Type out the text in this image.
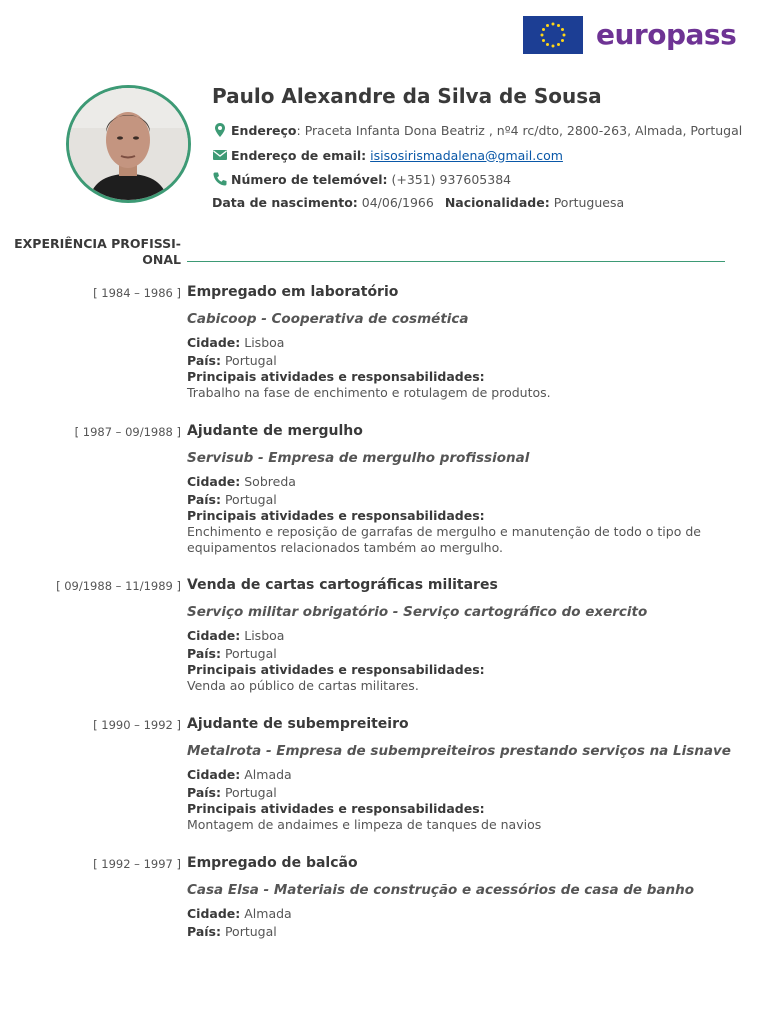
europass
Paulo Alexandre da Silva de Sousa
Endereço : Praceta Infanta Dona Beatriz , nº4 rc/dto, 2800-263, Almada, Portugal
Endereço de email:
isisosirismadalena@gmail.com
Número de telemóvel:
(+351) 937605384
Data de nascimento:
04/06/1966 Nacionalidade:
Portuguesa
EXPERIÊNCIA PROFISSI-
ONAL
[ 1984 – 1986 ] Empregado em laboratório
Cabicoop - Cooperativa de cosmética
Cidade: Lisboa
País: Portugal
Principais atividades e responsabilidades:
Trabalho na fase de enchimento e rotulagem de produtos.
[ 1987 – 09/1988 ] Ajudante de mergulho
Servisub - Empresa de mergulho profissional
Cidade: Sobreda
País: Portugal
Principais atividades e responsabilidades:
Enchimento e reposição de garrafas de mergulho e manutenção de todo o tipo de equipamentos relacionados também ao mergulho.
[ 09/1988 – 11/1989 ] Venda de cartas cartográficas militares
Serviço militar obrigatório - Serviço cartográfico do exercito
Cidade: Lisboa
País: Portugal
Principais atividades e responsabilidades:
Venda ao público de cartas militares.
[ 1990 – 1992 ] Ajudante de subempreiteiro
Metalrota - Empresa de subempreiteiros prestando serviços na Lisnave
Cidade: Almada
País: Portugal
Principais atividades e responsabilidades:
Montagem de andaimes e limpeza de tanques de navios
[ 1992 – 1997 ] Empregado de balcão
Casa Elsa - Materiais de construção e acessórios de casa de banho
Cidade: Almada
País: Portugal
